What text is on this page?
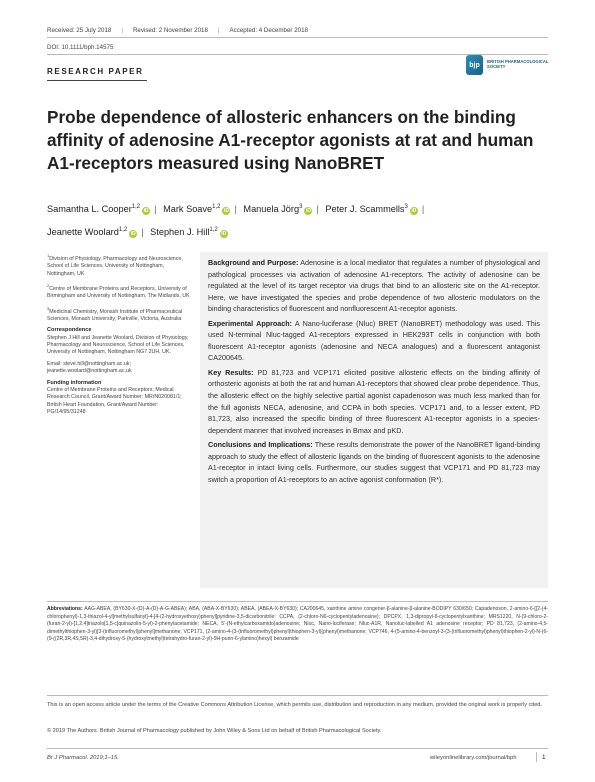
Received: 25 July 2018 | Revised: 2 November 2018 | Accepted: 4 December 2018
DOI: 10.1111/bph.14575
RESEARCH PAPER
bjp	BRITISH PHARMACOLOGICAL SOCIETY
Probe dependence of allosteric enhancers on the binding affinity of adenosine A1-receptor agonists at rat and human A1-receptors measured using NanoBRET
Samantha L. Cooper$^{1,2}$iD | Mark Soave$^{1,2}$iD | Manuela Jörg$^3$iD | Peter J. Scammells$^3$iD |
Jeanette Woolard$^{1,2}$iD | Stephen J. Hill$^{1,2}$iD

$^1$Division of Physiology, Pharmacology and Neuroscience, School of Life Sciences, University of Nottingham, Nottingham, UK

$^2$Centre of Membrane Proteins and Receptors, University of Birmingham and University of Nottingham, The Midlands, UK

$^3$Medicinal Chemistry, Monash Institute of Pharmaceutical Sciences, Monash University, Parkville, Victoria, Australia

Correspondence

Stephen J Hill and Jeanette Woolard, Division of Physiology, Pharmacology and Neuroscience, School of Life Sciences, University of Nottingham, Nottingham NG7 2UH, UK.

Email: steve.hill@nottingham.ac.uk; jeanette.woolard@nottingham.ac.uk

Funding information

Centre of Membrane Proteins and Receptors; Medical Research Council, Grant/Award Number: MR/N020081/1; British Heart Foundation, Grant/Award Number: PG/14/95/31248

Background and Purpose: Adenosine is a local mediator that regulates a number of physiological and pathological processes via activation of adenosine A1-receptors. The activity of adenosine can be regulated at the level of its target receptor via drugs that bind to an allosteric site on the A1-receptor. Here, we have investigated the species and probe dependence of two allosteric modulators on the binding characteristics of fluorescent and nonfluorescent A1-receptor agonists.

Experimental Approach: A Nano-luciferase (Nluc) BRET (NanoBRET) methodology was used. This used N-terminal Nluc-tagged A1-receptors expressed in HEK293T cells in conjunction with both fluorescent A1-receptor agonists (adenosine and NECA analogues) and a fluorescent antagonist CA200645.

Key Results: PD 81,723 and VCP171 elicited positive allosteric effects on the binding affinity of orthosteric agonists at both the rat and human A1-receptors that showed clear probe dependence. Thus, the allosteric effect on the highly selective partial agonist capadenoson was much less marked than for the full agonists NECA, adenosine, and CCPA in both species. VCP171 and, to a lesser extent, PD 81,723, also increased the specific binding of three fluorescent A1-receptor agonists in a species-dependent manner that involved increases in Bmax and pKD.

Conclusions and Implications: These results demonstrate the power of the NanoBRET ligand-binding approach to study the effect of allosteric ligands on the binding of fluorescent agonists to the adenosine A1-receptor in intact living cells. Furthermore, our studies suggest that VCP171 and PD 81,723 may switch a proportion of A1-receptors to an active agonist conformation (R*).

Abbreviations: AAG-ABEA, (BY630-X-(D)-A-(D)-A-G-ABEA); ABA, (ABA-X-BY630); ABEA, (ABEA-X-BY630); CA200645, xanthine amine congener-β-alanine-β-alanine-BODIPY 630/650; Capadenoson, 2-amino-6-[[2-(4-chlorophenyl)-1,3-thiazol-4-yl]methylsulfanyl]-4-[4-(2-hydroxyethoxy)phenyl]pyridine-3,5-dicarbonitrile; CCPA, (2-chloro-N6-cyclopentyladenosine); DPCPX, 1,3-dipropyl-8-cyclopentylxanthine; MRS1220, N-(9-chloro-2-(furan-2-yl)-[1,2,4]triazolo[1,5-c]quinazolin-5-yl)-2-phenylacetamide; NECA, 5′-(N-ethylcarboxamido)adenosine; Nluc, Nano-luciferase; Nluc-A1R, Nanoluc-labelled A1 adenosine receptor; PD 81,723, (2-amino-4,5-dimethylthiophen-3-yl)[3-(trifluoromethyl)phenyl]methanone; VCP171, (2-amino-4-(3-(trifluoromethyl)phenyl)thiophen-3-yl)(phenyl)methanone; VCP746, 4-(5-amino-4-benzoyl-3-(3-(trifluoromethyl)phenyl)thiophen-2-yl)-N-(6-(9-((2R,3R,4S,5R)-3,4-dihydroxy-5-(hydroxylmethyl)tetrahydro-furan-2-yl)-9H-purin-6-ylamino)hexyl) benzamide
This is an open access article under the terms of the Creative Commons Attribution License, which permits use, distribution and reproduction in any medium, provided the original work is properly cited.
© 2019 The Authors. British Journal of Pharmacology published by John Wiley & Sons Ltd on behalf of British Pharmacological Society.
Br J Pharmacol. 2019;1–15.	wileyonlinelibrary.com/journal/bph	1
